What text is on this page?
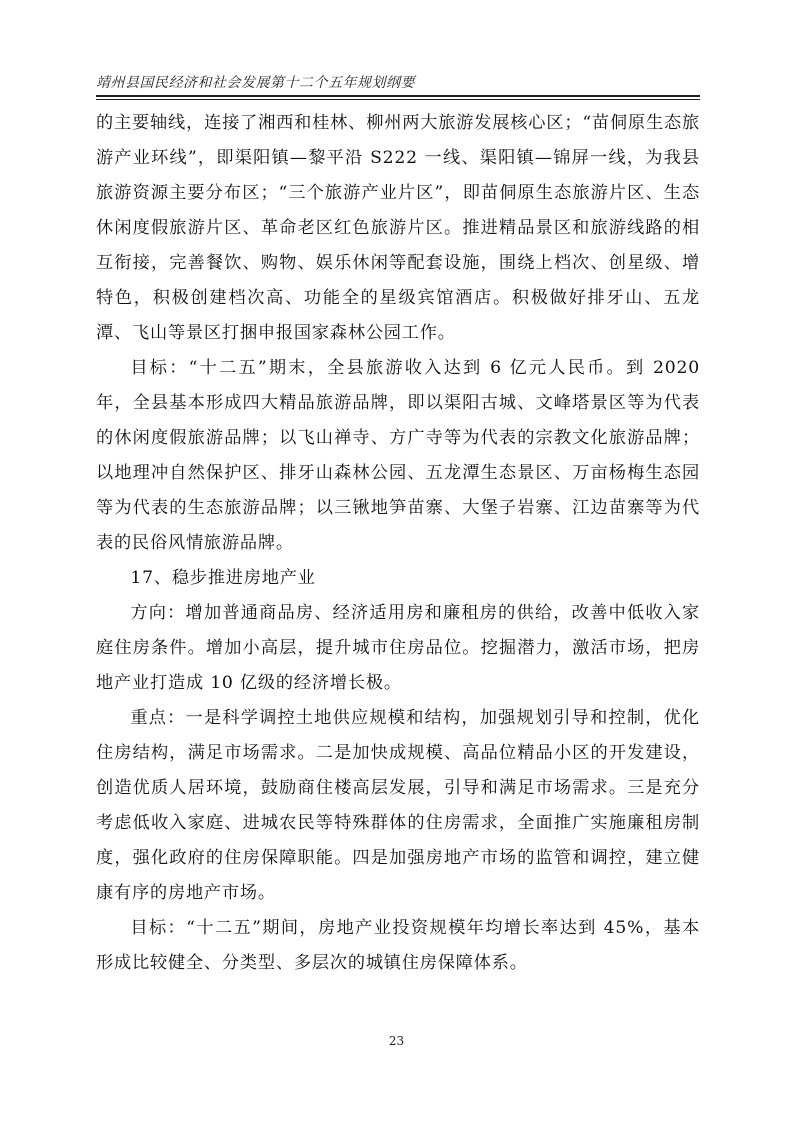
靖州县国民经济和社会发展第十二个五年规划纲要

的主要轴线，连接了湘西和桂林、柳州两大旅游发展核心区；“苗侗原生态旅游产业环线”，即渠阳镇—黎平沿 S222 一线、渠阳镇—锦屏一线，为我县旅游资源主要分布区；“三个旅游产业片区”，即苗侗原生态旅游片区、生态休闲度假旅游片区、革命老区红色旅游片区。推进精品景区和旅游线路的相互衔接，完善餐饮、购物、娱乐休闲等配套设施，围绕上档次、创星级、增特色，积极创建档次高、功能全的星级宾馆酒店。积极做好排牙山、五龙潭、飞山等景区打捆申报国家森林公园工作。

目标：“十二五”期末，全县旅游收入达到 6 亿元人民币。到 2020 年，全县基本形成四大精品旅游品牌，即以渠阳古城、文峰塔景区等为代表的休闲度假旅游品牌；以飞山禅寺、方广寺等为代表的宗教文化旅游品牌；以地理冲自然保护区、排牙山森林公园、五龙潭生态景区、万亩杨梅生态园等为代表的生态旅游品牌；以三锹地笋苗寨、大堡子岩寨、江边苗寨等为代表的民俗风情旅游品牌。

17、稳步推进房地产业

方向：增加普通商品房、经济适用房和廉租房的供给，改善中低收入家庭住房条件。增加小高层，提升城市住房品位。挖掘潜力，激活市场，把房地产业打造成 10 亿级的经济增长极。

重点：一是科学调控土地供应规模和结构，加强规划引导和控制，优化住房结构，满足市场需求。二是加快成规模、高品位精品小区的开发建设，创造优质人居环境，鼓励商住楼高层发展，引导和满足市场需求。三是充分考虑低收入家庭、进城农民等特殊群体的住房需求，全面推广实施廉租房制度，强化政府的住房保障职能。四是加强房地产市场的监管和调控，建立健康有序的房地产市场。

目标：“十二五”期间，房地产业投资规模年均增长率达到 45%，基本形成比较健全、分类型、多层次的城镇住房保障体系。

23
